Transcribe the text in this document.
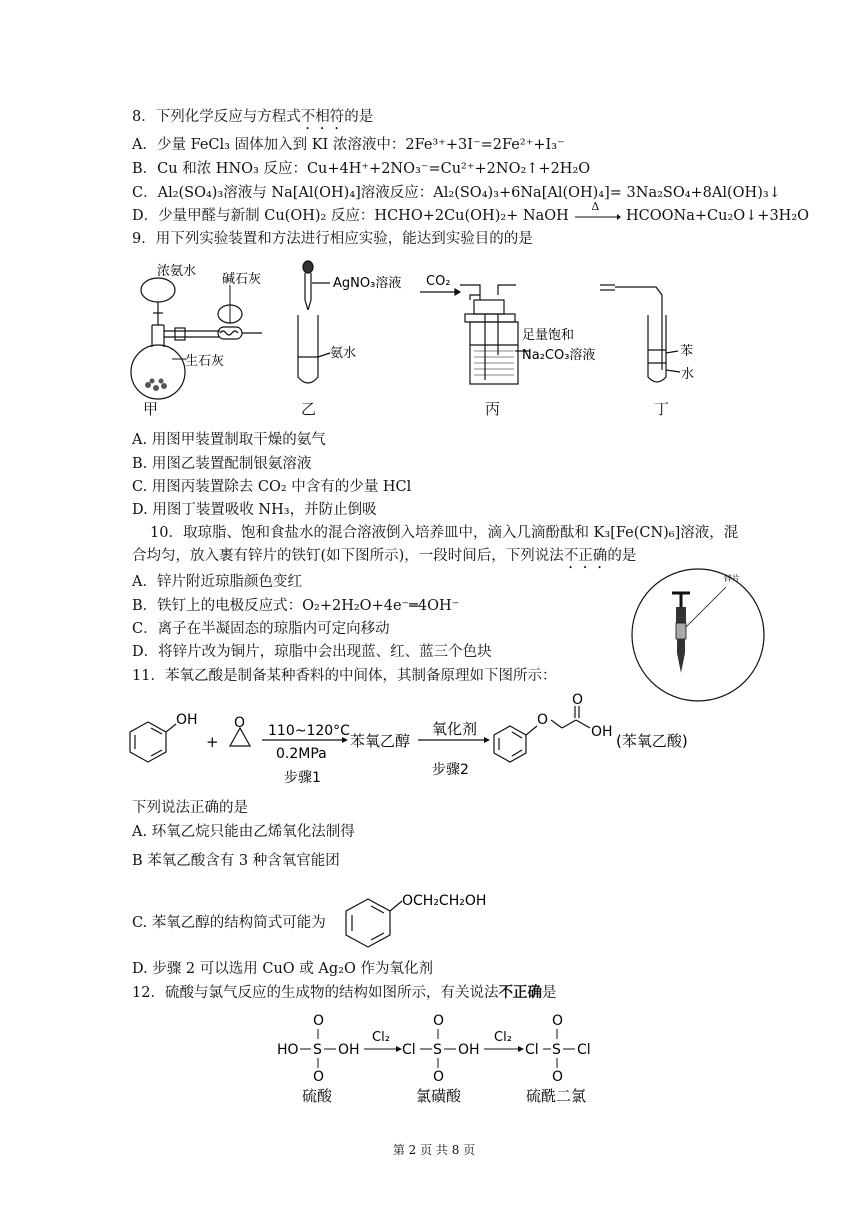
8．下列化学反应与方程式不相符的是
A．少量 FeCl₃ 固体加入到 KI 浓溶液中：2Fe³⁺+3I⁻=2Fe²⁺+I₃⁻
B．Cu 和浓 HNO₃ 反应：Cu+4H⁺+2NO₃⁻=Cu²⁺+2NO₂↑+2H₂O
C．Al₂(SO₄)₃溶液与 Na[Al(OH)₄]溶液反应：Al₂(SO₄)₃+6Na[Al(OH)₄]= 3Na₂SO₄+8Al(OH)₃↓
D．少量甲醛与新制 Cu(OH)₂ 反应：HCHO+2Cu(OH)₂+ NaOH
Δ
HCOONa+Cu₂O↓+3H₂O
9．用下列实验装置和方法进行相应实验，能达到实验目的的是
浓氨水
碱石灰
生石灰
AgNO₃溶液
氨水
CO₂
足量饱和
Na₂CO₃溶液	苯
水
甲	乙	丙	丁
A. 用图甲装置制取干燥的氨气
B. 用图乙装置配制银氨溶液
C. 用图丙装置除去 CO₂ 中含有的少量 HCl
D. 用图丁装置吸收 NH₃，并防止倒吸
10．取琼脂、饱和食盐水的混合溶液倒入培养皿中，滴入几滴酚酞和 K₃[Fe(CN)₆]溶液，混
合均匀，放入裹有锌片的铁钉(如下图所示)，一段时间后，下列说法不正确的是
A．锌片附近琼脂颜色变红
B．铁钉上的电极反应式：O₂+2H₂O+4e⁻═4OH⁻
C．离子在半凝固态的琼脂内可定向移动
D．将锌片改为铜片，琼脂中会出现蓝、红、蓝三个色块
锌片
11．苯氧乙酸是制备某种香料的中间体，其制备原理如下图所示：
OH
+
O 110~120°C
0.2MPa
步骤1
苯氧乙醇
氧化剂
步骤2
O
O
OH (苯氧乙酸)
下列说法正确的是
A. 环氧乙烷只能由乙烯氧化法制得
B 苯氧乙酸含有 3 种含氧官能团
C. 苯氧乙醇的结构简式可能为
OCH₂CH₂OH
D. 步骤 2 可以选用 CuO 或 Ag₂O 作为氧化剂
12．硫酸与氯气反应的生成物的结构如图所示，有关说法不正确是
HO S OH
O
O
硫酸
Cl₂
Cl S OH
O
O
氯磺酸
Cl₂
Cl S Cl
O
O
硫酰二氯
第 2 页 共 8 页
